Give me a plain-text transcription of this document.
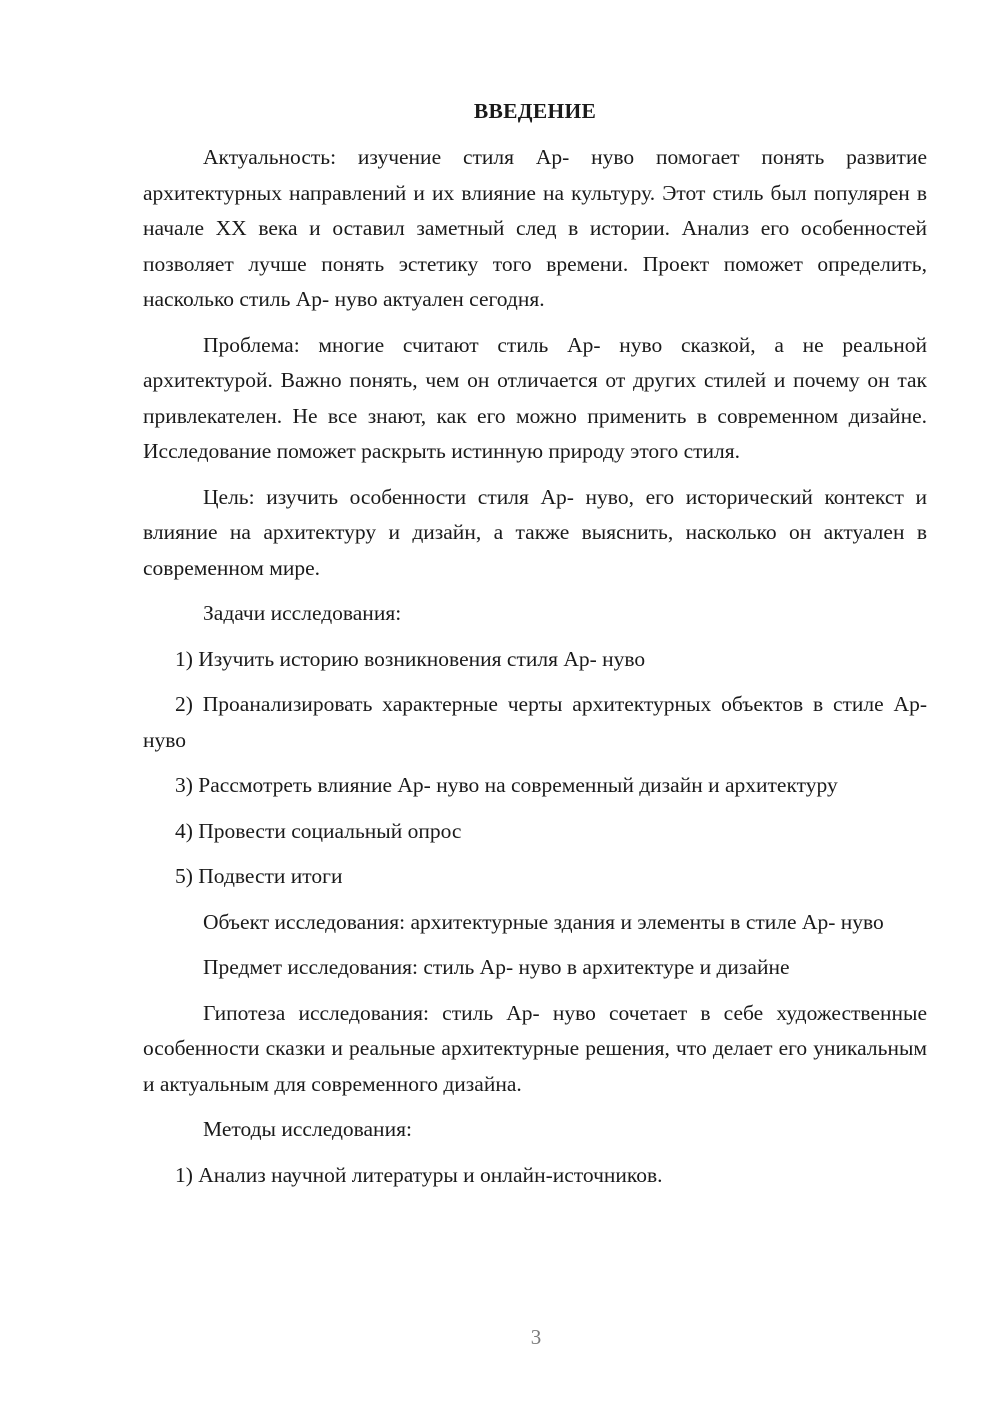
ВВЕДЕНИЕ

Актуальность: изучение стиля Ар- нуво помогает понять развитие архитектурных направлений и их влияние на культуру. Этот стиль был популярен в начале XX века и оставил заметный след в истории. Анализ его особенностей позволяет лучше понять эстетику того времени. Проект поможет определить, насколько стиль Ар- нуво актуален сегодня.

Проблема: многие считают стиль Ар- нуво сказкой, а не реальной архитектурой. Важно понять, чем он отличается от других стилей и почему он так привлекателен. Не все знают, как его можно применить в современном дизайне. Исследование поможет раскрыть истинную природу этого стиля.

Цель: изучить особенности стиля Ар- нуво, его исторический контекст и влияние на архитектуру и дизайн, а также выяснить, насколько он актуален в современном мире.

Задачи исследования:

1) Изучить историю возникновения стиля Ар- нуво

2) Проанализировать характерные черты архитектурных объектов в стиле Ар- нуво

3) Рассмотреть влияние Ар- нуво на современный дизайн и архитектуру

4) Провести социальный опрос

5) Подвести итоги

Объект исследования: архитектурные здания и элементы в стиле Ар- нуво

Предмет исследования: стиль Ар- нуво в архитектуре и дизайне

Гипотеза исследования: стиль Ар- нуво сочетает в себе художественные особенности сказки и реальные архитектурные решения, что делает его уникальным и актуальным для современного дизайна.

Методы исследования:

1) Анализ научной литературы и онлайн-источников.

3
